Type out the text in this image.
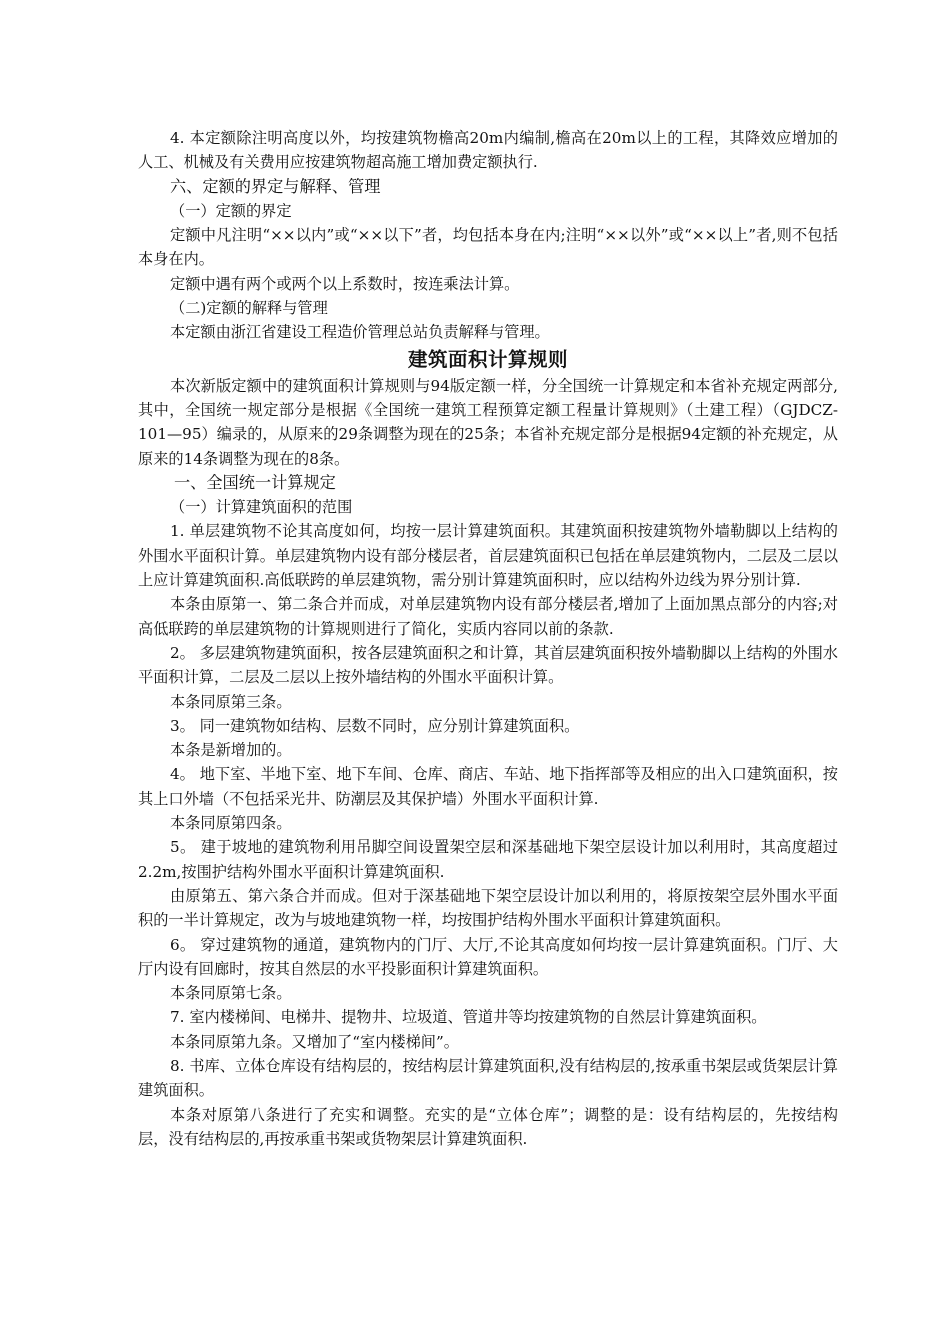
4. 本定额除注明高度以外，均按建筑物檐高20m内编制,檐高在20m以上的工程，其降效应增加的人工、机械及有关费用应按建筑物超高施工增加费定额执行.

六、定额的界定与解释、管理

（一）定额的界定

定额中凡注明“××以内”或“××以下”者，均包括本身在内;注明“××以外”或“××以上”者,则不包括本身在内。

定额中遇有两个或两个以上系数时，按连乘法计算。

（二)定额的解释与管理

本定额由浙江省建设工程造价管理总站负责解释与管理。

建筑面积计算规则

本次新版定额中的建筑面积计算规则与94版定额一样，分全国统一计算规定和本省补充规定两部分,其中，全国统一规定部分是根据《全国统一建筑工程预算定额工程量计算规则》（土建工程）（GJDCZ-101—95）编录的，从原来的29条调整为现在的25条；本省补充规定部分是根据94定额的补充规定，从原来的14条调整为现在的8条。

一、全国统一计算规定

（一）计算建筑面积的范围

1. 单层建筑物不论其高度如何，均按一层计算建筑面积。其建筑面积按建筑物外墙勒脚以上结构的外围水平面积计算。单层建筑物内设有部分楼层者，首层建筑面积已包括在单层建筑物内，二层及二层以上应计算建筑面积.高低联跨的单层建筑物，需分别计算建筑面积时，应以结构外边线为界分别计算.

本条由原第一、第二条合并而成，对单层建筑物内设有部分楼层者,增加了上面加黑点部分的内容;对高低联跨的单层建筑物的计算规则进行了简化，实质内容同以前的条款.

2。 多层建筑物建筑面积，按各层建筑面积之和计算，其首层建筑面积按外墙勒脚以上结构的外围水平面积计算，二层及二层以上按外墙结构的外围水平面积计算。

本条同原第三条。

3。 同一建筑物如结构、层数不同时，应分别计算建筑面积。

本条是新增加的。

4。 地下室、半地下室、地下车间、仓库、商店、车站、地下指挥部等及相应的出入口建筑面积，按其上口外墙（不包括采光井、防潮层及其保护墙）外围水平面积计算.

本条同原第四条。

5。 建于坡地的建筑物利用吊脚空间设置架空层和深基础地下架空层设计加以利用时，其高度超过2.2m,按围护结构外围水平面积计算建筑面积.

由原第五、第六条合并而成。但对于深基础地下架空层设计加以利用的，将原按架空层外围水平面积的一半计算规定，改为与坡地建筑物一样，均按围护结构外围水平面积计算建筑面积。

6。 穿过建筑物的通道，建筑物内的门厅、大厅,不论其高度如何均按一层计算建筑面积。门厅、大厅内设有回廊时，按其自然层的水平投影面积计算建筑面积。

本条同原第七条。

7. 室内楼梯间、电梯井、提物井、垃圾道、管道井等均按建筑物的自然层计算建筑面积。

本条同原第九条。又增加了“室内楼梯间”。

8. 书库、立体仓库设有结构层的，按结构层计算建筑面积,没有结构层的,按承重书架层或货架层计算建筑面积。

本条对原第八条进行了充实和调整。充实的是“立体仓库”；调整的是：设有结构层的，先按结构层，没有结构层的,再按承重书架或货物架层计算建筑面积.
